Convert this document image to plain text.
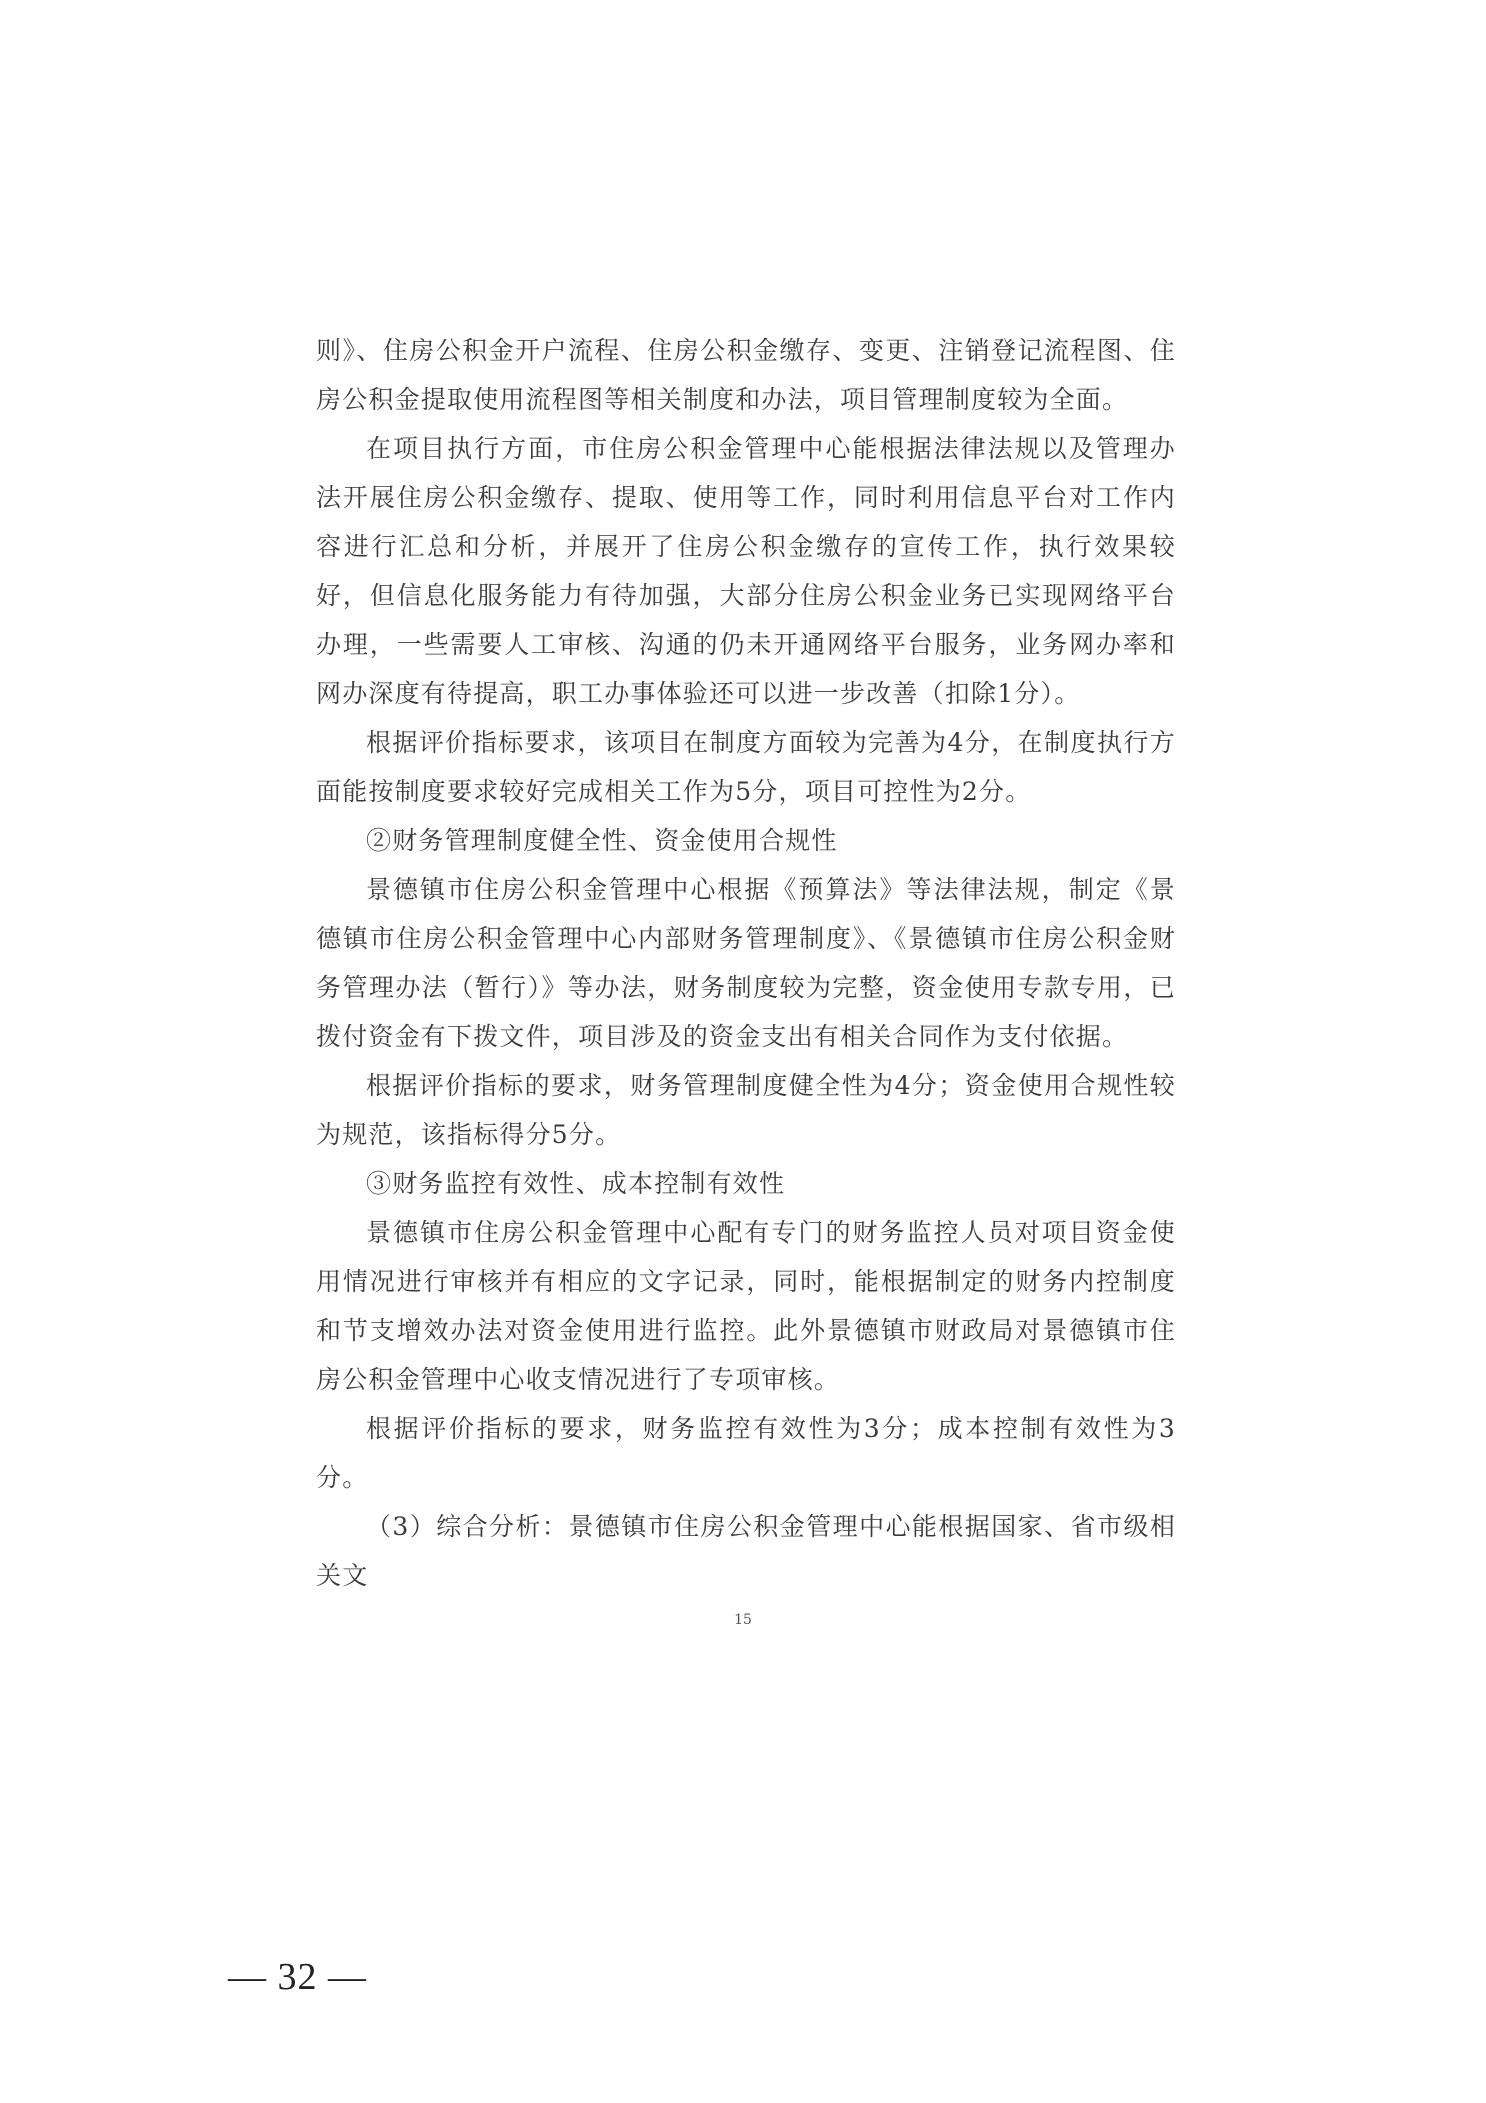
则》、住房公积金开户流程、住房公积金缴存、变更、注销登记流程图、住房公积金提取使用流程图等相关制度和办法，项目管理制度较为全面。

在项目执行方面，市住房公积金管理中心能根据法律法规以及管理办法开展住房公积金缴存、提取、使用等工作，同时利用信息平台对工作内容进行汇总和分析，并展开了住房公积金缴存的宣传工作，执行效果较好，但信息化服务能力有待加强，大部分住房公积金业务已实现网络平台办理，一些需要人工审核、沟通的仍未开通网络平台服务，业务网办率和网办深度有待提高，职工办事体验还可以进一步改善（扣除1分）。

根据评价指标要求，该项目在制度方面较为完善为4分，在制度执行方面能按制度要求较好完成相关工作为5分，项目可控性为2分。

②财务管理制度健全性、资金使用合规性

景德镇市住房公积金管理中心根据《预算法》等法律法规，制定《景德镇市住房公积金管理中心内部财务管理制度》、《景德镇市住房公积金财务管理办法（暂行）》等办法，财务制度较为完整，资金使用专款专用，已拨付资金有下拨文件，项目涉及的资金支出有相关合同作为支付依据。

根据评价指标的要求，财务管理制度健全性为4分；资金使用合规性较为规范，该指标得分5分。

③财务监控有效性、成本控制有效性

景德镇市住房公积金管理中心配有专门的财务监控人员对项目资金使用情况进行审核并有相应的文字记录，同时，能根据制定的财务内控制度和节支增效办法对资金使用进行监控。此外景德镇市财政局对景德镇市住房公积金管理中心收支情况进行了专项审核。

根据评价指标的要求，财务监控有效性为3分；成本控制有效性为3分。

（3）综合分析：景德镇市住房公积金管理中心能根据国家、省市级相关文

15
— 32 —
